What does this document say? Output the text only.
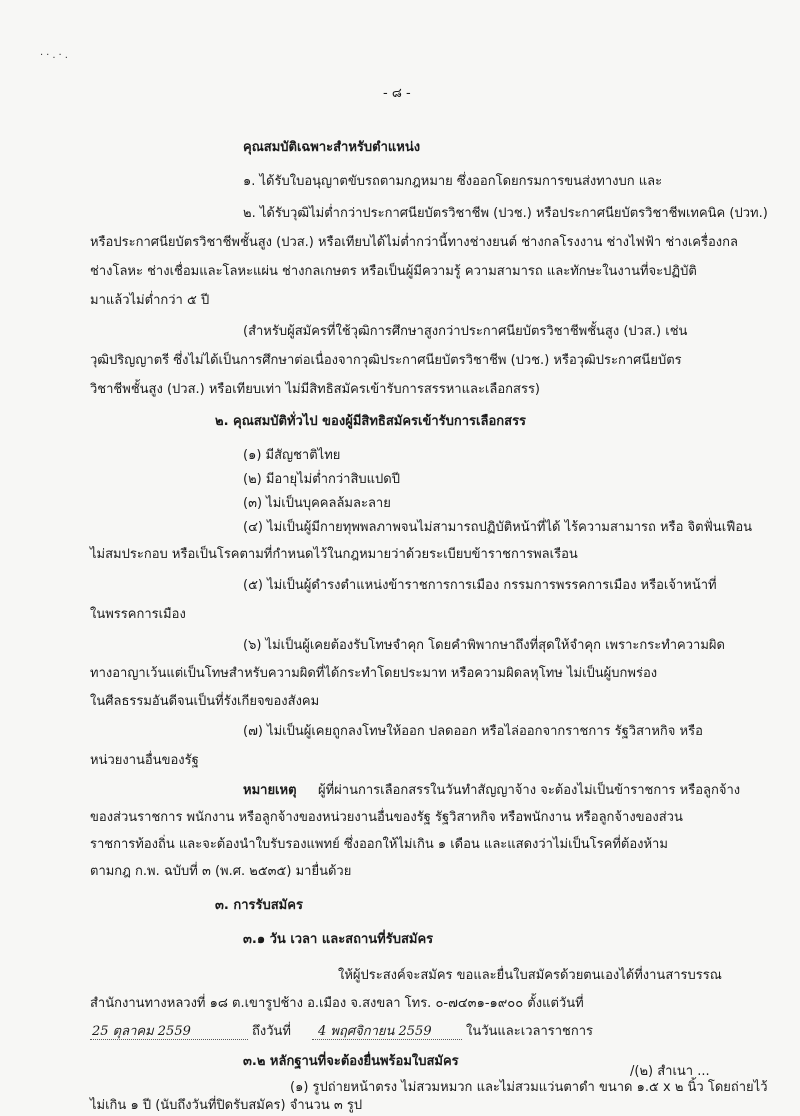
··.·.
- ๘ -
คุณสมบัติเฉพาะสำหรับตำแหน่ง
๑. ได้รับใบอนุญาตขับรถตามกฎหมาย ซึ่งออกโดยกรมการขนส่งทางบก และ
๒. ได้รับวุฒิไม่ต่ำกว่าประกาศนียบัตรวิชาชีพ (ปวช.) หรือประกาศนียบัตรวิชาชีพเทคนิค (ปวท.)
หรือประกาศนียบัตรวิชาชีพชั้นสูง (ปวส.) หรือเทียบได้ไม่ต่ำกว่านี้ทางช่างยนต์ ช่างกลโรงงาน ช่างไฟฟ้า ช่างเครื่องกล
ช่างโลหะ ช่างเชื่อมและโลหะแผ่น ช่างกลเกษตร หรือเป็นผู้มีความรู้ ความสามารถ และทักษะในงานที่จะปฏิบัติ
มาแล้วไม่ต่ำกว่า ๕ ปี
(สำหรับผู้สมัครที่ใช้วุฒิการศึกษาสูงกว่าประกาศนียบัตรวิชาชีพชั้นสูง (ปวส.) เช่น
วุฒิปริญญาตรี ซึ่งไม่ได้เป็นการศึกษาต่อเนื่องจากวุฒิประกาศนียบัตรวิชาชีพ (ปวช.) หรือวุฒิประกาศนียบัตร
วิชาชีพชั้นสูง (ปวส.) หรือเทียบเท่า ไม่มีสิทธิสมัครเข้ารับการสรรหาและเลือกสรร)
๒. คุณสมบัติทั่วไป ของผู้มีสิทธิสมัครเข้ารับการเลือกสรร
(๑) มีสัญชาติไทย
(๒) มีอายุไม่ต่ำกว่าสิบแปดปี
(๓) ไม่เป็นบุคคลล้มละลาย
(๔) ไม่เป็นผู้มีกายทุพพลภาพจนไม่สามารถปฏิบัติหน้าที่ได้ ไร้ความสามารถ หรือ จิตฟั่นเฟือน
ไม่สมประกอบ หรือเป็นโรคตามที่กำหนดไว้ในกฎหมายว่าด้วยระเบียบข้าราชการพลเรือน
(๕) ไม่เป็นผู้ดำรงตำแหน่งข้าราชการการเมือง กรรมการพรรคการเมือง หรือเจ้าหน้าที่
ในพรรคการเมือง
(๖) ไม่เป็นผู้เคยต้องรับโทษจำคุก โดยคำพิพากษาถึงที่สุดให้จำคุก เพราะกระทำความผิด
ทางอาญาเว้นแต่เป็นโทษสำหรับความผิดที่ได้กระทำโดยประมาท หรือความผิดลหุโทษ ไม่เป็นผู้บกพร่อง
ในศีลธรรมอันดีจนเป็นที่รังเกียจของสังคม
(๗) ไม่เป็นผู้เคยถูกลงโทษให้ออก ปลดออก หรือไล่ออกจากราชการ รัฐวิสาหกิจ หรือ
หน่วยงานอื่นของรัฐ
หมายเหตุ ผู้ที่ผ่านการเลือกสรรในวันทำสัญญาจ้าง จะต้องไม่เป็นข้าราชการ หรือลูกจ้าง
ของส่วนราชการ พนักงาน หรือลูกจ้างของหน่วยงานอื่นของรัฐ รัฐวิสาหกิจ หรือพนักงาน หรือลูกจ้างของส่วน
ราชการท้องถิ่น และจะต้องนำใบรับรองแพทย์ ซึ่งออกให้ไม่เกิน ๑ เดือน และแสดงว่าไม่เป็นโรคที่ต้องห้าม
ตามกฎ ก.พ. ฉบับที่ ๓ (พ.ศ. ๒๕๓๕) มายื่นด้วย
๓. การรับสมัคร
๓.๑ วัน เวลา และสถานที่รับสมัคร
ให้ผู้ประสงค์จะสมัคร ขอและยื่นใบสมัครด้วยตนเองได้ที่งานสารบรรณ
สำนักงานทางหลวงที่ ๑๘ ต.เขารูปช้าง อ.เมือง จ.สงขลา โทร. ๐-๗๔๓๑-๑๙๐๐ ตั้งแต่วันที่
25 ตุลาคม 2559	ถึงวันที่ 4 พฤศจิกายน 2559	ในวันและเวลาราชการ
๓.๒ หลักฐานที่จะต้องยื่นพร้อมใบสมัคร
(๑) รูปถ่ายหน้าตรง ไม่สวมหมวก และไม่สวมแว่นตาดำ ขนาด ๑.๕ x ๒ นิ้ว โดยถ่ายไว้
ไม่เกิน ๑ ปี (นับถึงวันที่ปิดรับสมัคร) จำนวน ๓ รูป
/(๒) สำเนา ...
